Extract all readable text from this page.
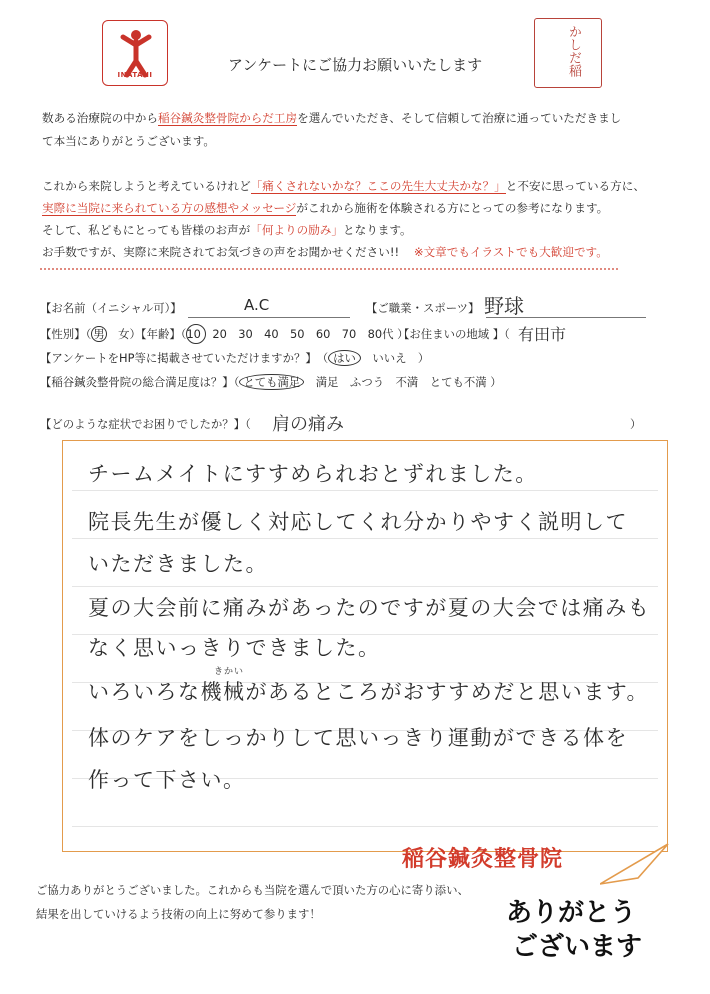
INATANI	かしだ稲
アンケートにご協力お願いいたします
数ある治療院の中から稲谷鍼灸整骨院からだ工房を選んでいただき、そして信頼して治療に通っていただきまし
て本当にありがとうございます。
これから来院しようと考えているけれど「痛くされないかな？ここの先生大丈夫かな？」と不安に思っている方に、
実際に当院に来られている方の感想やメッセージがこれから施術を体験される方にとっての参考になります。
そして、私どもにとっても皆様のお声が「何よりの励み」となります。
お手数ですが、実際に来院されてお気づきの声をお聞かせください!! ※文章でもイラストでも大歓迎です。
【お名前（イニシャル可）】	A.C	【ご職業・スポーツ】 野球
【性別】（ 男　 女）【年齢】（10　20　30　40　50　60　70　80代 ）
【お住まいの地域 】（ 有田市
【アンケートをHP等に掲載させていただけますか？】　（ はい　 いいえ　）
【稲谷鍼灸整骨院の総合満足度は？】（ とても満足　 満足　 ふつう　 不満　 とても不満 ）
【どのような症状でお困りでしたか？】（ 肩の痛み	）
チームメイトにすすめられおとずれました。
院長先生が優しく対応してくれ分かりやすく説明して
いただきました。
夏の大会前に痛みがあったのですが夏の大会では痛みも
なく思いっきりできました。
きかい
いろいろな機械があるところがおすすめだと思います。
体のケアをしっかりして思いっきり運動ができる体を
作って下さい。
稲谷鍼灸整骨院
ご協力ありがとうございました。これからも当院を選んで頂いた方の心に寄り添い、
結果を出していけるよう技術の向上に努めて参ります！	ありがとう
ございます
